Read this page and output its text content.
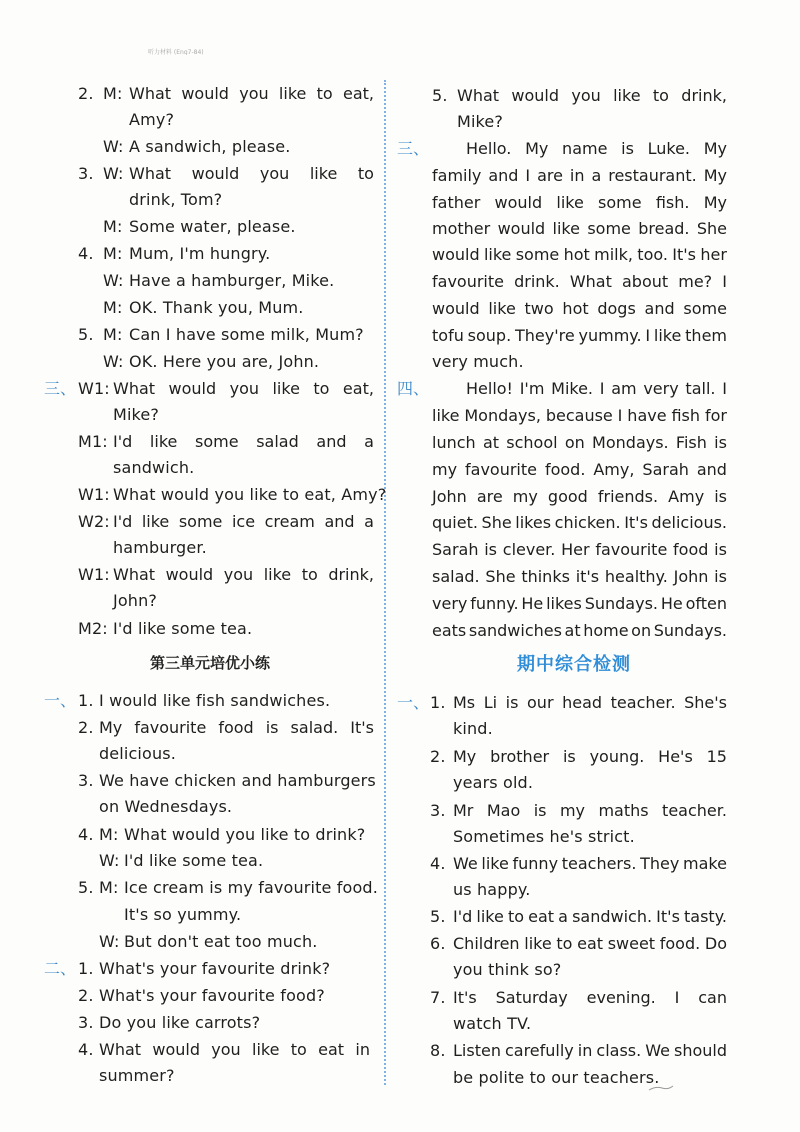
听力材料 (Eng7-84)
2. M: What would you like to eat,
Amy?
W: A sandwich, please.
3. W: What would you like to
drink, Tom?
M: Some water, please.
4. M: Mum, I'm hungry.
W: Have a hamburger, Mike.
M: OK. Thank you, Mum.
5. M: Can I have some milk, Mum?
W: OK. Here you are, John.
三、 W1: What would you like to eat,
Mike?
M1: I'd like some salad and a
sandwich.
W1: What would you like to eat, Amy?
W2: I'd like some ice cream and a
hamburger.
W1: What would you like to drink,
John?
M2: I'd like some tea.
第三单元培优小练
一、 1. I would like fish sandwiches.
2. My favourite food is salad. It's
delicious.
3. We have chicken and hamburgers
on Wednesdays.
4. M: What would you like to drink?
W: I'd like some tea.
5. M: Ice cream is my favourite food.
It's so yummy.
W: But don't eat too much.
二、 1. What's your favourite drink?
2. What's your favourite food?
3. Do you like carrots?
4. What would you like to eat in
summer?
5. What would you like to drink,
Mike?
三、 Hello. My name is Luke. My
family and I are in a restaurant. My
father would like some fish. My
mother would like some bread. She
would like some hot milk, too. It's her
favourite drink. What about me? I
would like two hot dogs and some
tofu soup. They're yummy. I like them
very much.
四、 Hello! I'm Mike. I am very tall. I
like Mondays, because I have fish for
lunch at school on Mondays. Fish is
my favourite food. Amy, Sarah and
John are my good friends. Amy is
quiet. She likes chicken. It's delicious.
Sarah is clever. Her favourite food is
salad. She thinks it's healthy. John is
very funny. He likes Sundays. He often
eats sandwiches at home on Sundays.
期中综合检测
一、 1. Ms Li is our head teacher. She's
kind.
2. My brother is young. He's 15
years old.
3. Mr Mao is my maths teacher.
Sometimes he's strict.
4. We like funny teachers. They make
us happy.
5. I'd like to eat a sandwich. It's tasty.
6. Children like to eat sweet food. Do
you think so?
7. It's Saturday evening. I can
watch TV.
8. Listen carefully in class. We should
be polite to our teachers.
